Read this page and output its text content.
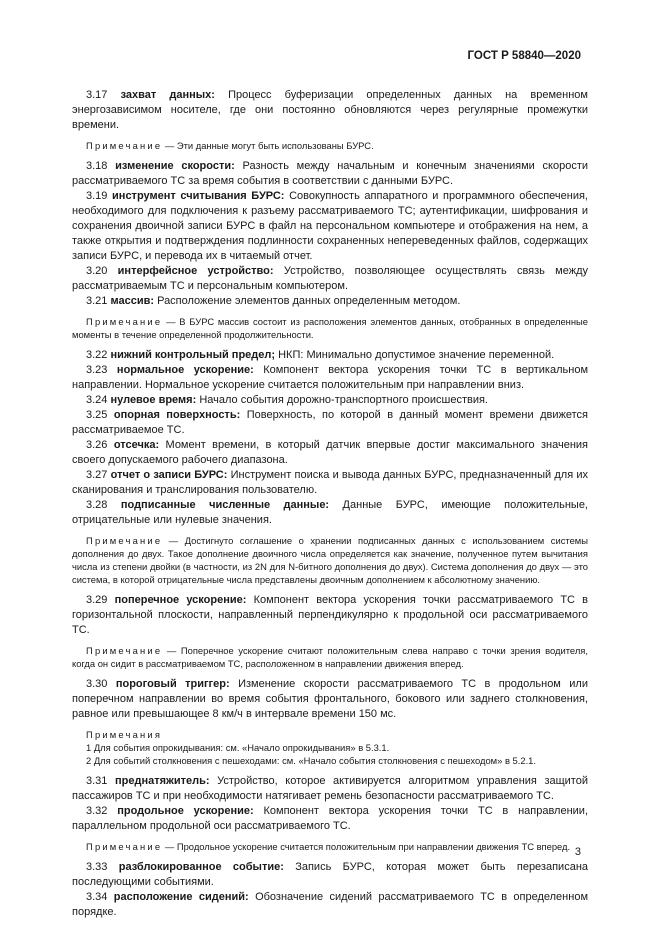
ГОСТ Р 58840—2020

3.17 захват данных: Процесс буферизации определенных данных на временном энергозависимом носителе, где они постоянно обновляются через регулярные промежутки времени.

Примечание — Эти данные могут быть использованы БУРС.

3.18 изменение скорости: Разность между начальным и конечным значениями скорости рассматриваемого ТС за время события в соответствии с данными БУРС.

3.19 инструмент считывания БУРС: Совокупность аппаратного и программного обеспечения, необходимого для подключения к разъему рассматриваемого ТС; аутентификации, шифрования и сохранения двоичной записи БУРС в файл на персональном компьютере и отображения на нем, а также открытия и подтверждения подлинности сохраненных непереведенных файлов, содержащих записи БУРС, и перевода их в читаемый отчет.

3.20 интерфейсное устройство: Устройство, позволяющее осуществлять связь между рассматриваемым ТС и персональным компьютером.

3.21 массив: Расположение элементов данных определенным методом.

Примечание — В БУРС массив состоит из расположения элементов данных, отобранных в определенные моменты в течение определенной продолжительности.

3.22 нижний контрольный предел; НКП: Минимально допустимое значение переменной.

3.23 нормальное ускорение: Компонент вектора ускорения точки ТС в вертикальном направлении. Нормальное ускорение считается положительным при направлении вниз.

3.24 нулевое время: Начало события дорожно-транспортного происшествия.

3.25 опорная поверхность: Поверхность, по которой в данный момент времени движется рассматриваемое ТС.

3.26 отсечка: Момент времени, в который датчик впервые достиг максимального значения своего допускаемого рабочего диапазона.

3.27 отчет о записи БУРС: Инструмент поиска и вывода данных БУРС, предназначенный для их сканирования и транслирования пользователю.

3.28 подписанные численные данные: Данные БУРС, имеющие положительные, отрицательные или нулевые значения.

Примечание — Достигнуто соглашение о хранении подписанных данных с использованием системы дополнения до двух. Такое дополнение двоичного числа определяется как значение, полученное путем вычитания числа из степени двойки (в частности, из 2N для N-битного дополнения до двух). Система дополнения до двух — это система, в которой отрицательные числа представлены двоичным дополнением к абсолютному значению.

3.29 поперечное ускорение: Компонент вектора ускорения точки рассматриваемого ТС в горизонтальной плоскости, направленный перпендикулярно к продольной оси рассматриваемого ТС.

Примечание — Поперечное ускорение считают положительным слева направо с точки зрения водителя, когда он сидит в рассматриваемом ТС, расположенном в направлении движения вперед.

3.30 пороговый триггер: Изменение скорости рассматриваемого ТС в продольном или поперечном направлении во время события фронтального, бокового или заднего столкновения, равное или превышающее 8 км/ч в интервале времени 150 мс.

Примечания
1 Для события опрокидывания: см. «Начало опрокидывания» в 5.3.1.
2 Для событий столкновения с пешеходами: см. «Начало события столкновения с пешеходом» в 5.2.1.

3.31 преднатяжитель: Устройство, которое активируется алгоритмом управления защитой пассажиров ТС и при необходимости натягивает ремень безопасности рассматриваемого ТС.

3.32 продольное ускорение: Компонент вектора ускорения точки ТС в направлении, параллельном продольной оси рассматриваемого ТС.

Примечание — Продольное ускорение считается положительным при направлении движения ТС вперед.

3.33 разблокированное событие: Запись БУРС, которая может быть перезаписана последующими событиями.

3.34 расположение сидений: Обозначение сидений рассматриваемого ТС в определенном порядке.

3
